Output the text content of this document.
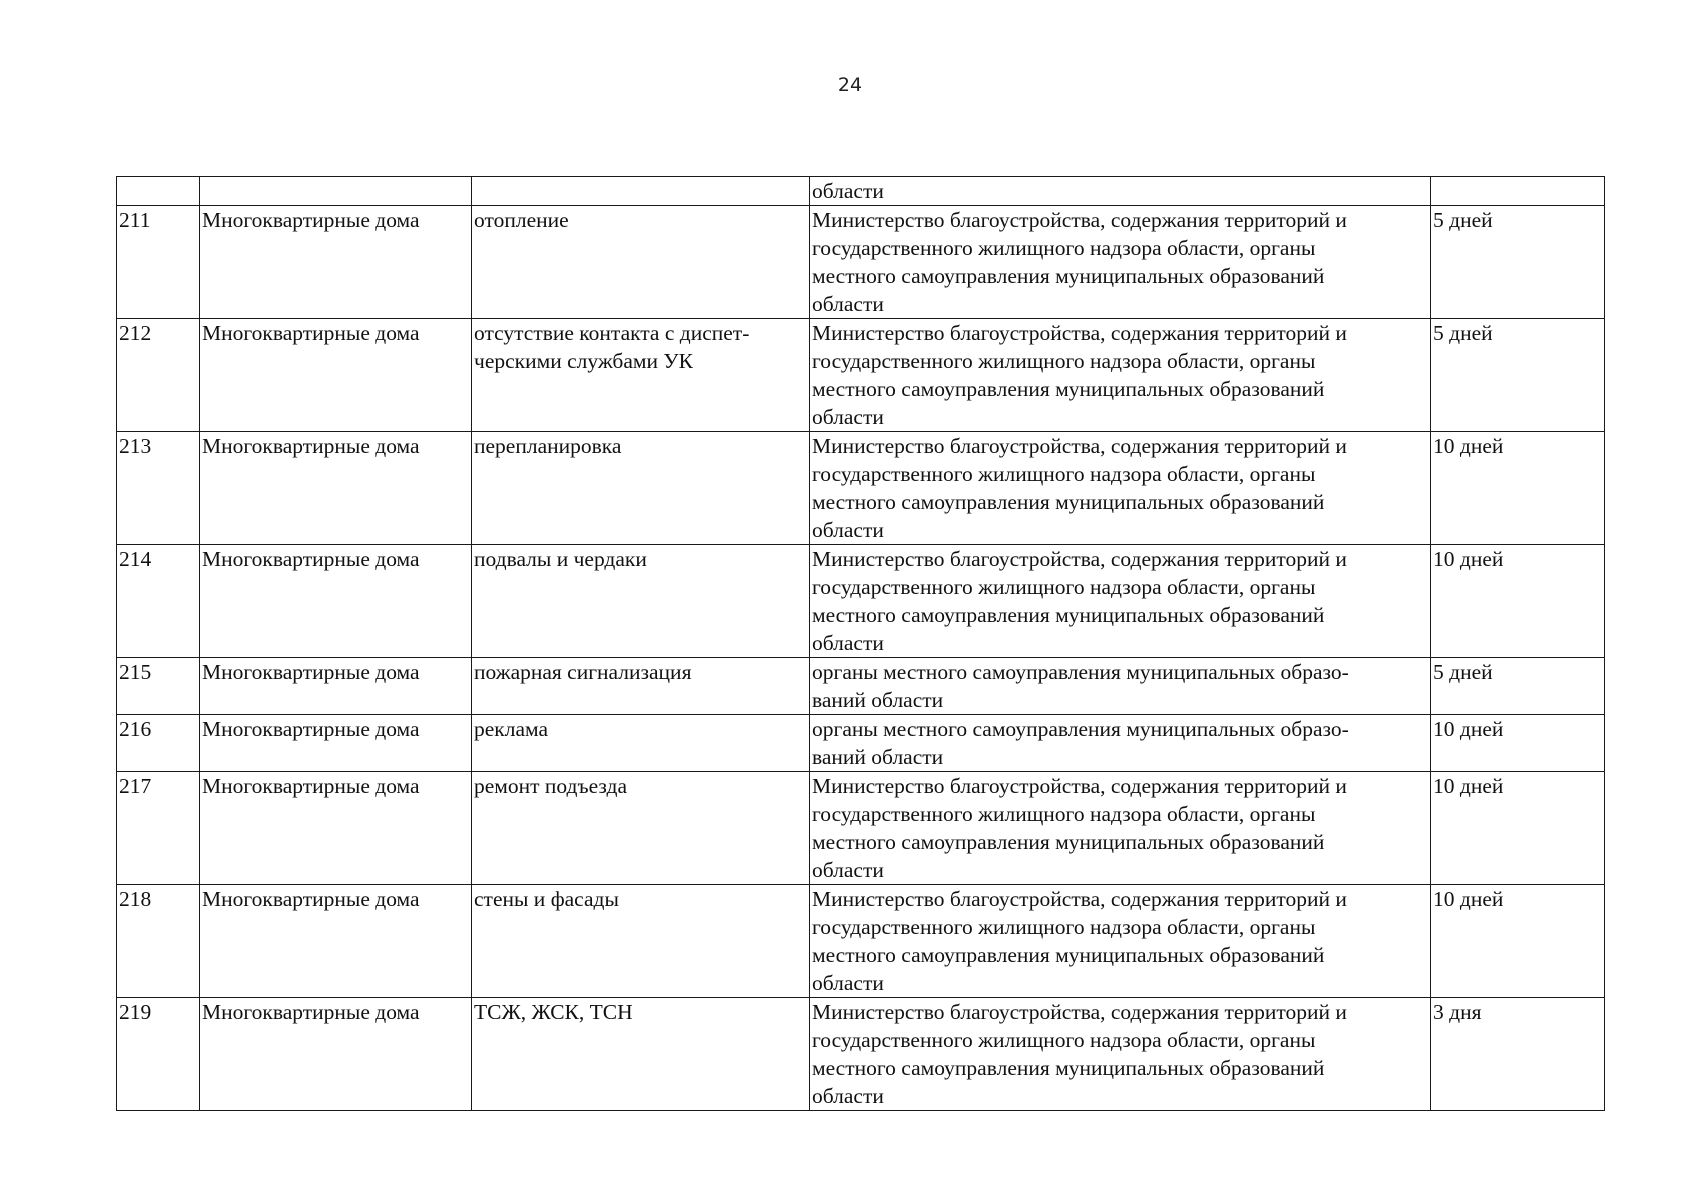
24
			области	
211	Многоквартирные дома	отопление	Министерство благоустройства, содержания территорий и
государственного жилищного надзора области, органы
местного самоуправления муниципальных образований
области	5 дней
212	Многоквартирные дома	отсутствие контакта с диспет-
черскими службами УК	Министерство благоустройства, содержания территорий и
государственного жилищного надзора области, органы
местного самоуправления муниципальных образований
области	5 дней
213	Многоквартирные дома	перепланировка	Министерство благоустройства, содержания территорий и
государственного жилищного надзора области, органы
местного самоуправления муниципальных образований
области	10 дней
214	Многоквартирные дома	подвалы и чердаки	Министерство благоустройства, содержания территорий и
государственного жилищного надзора области, органы
местного самоуправления муниципальных образований
области	10 дней
215	Многоквартирные дома	пожарная сигнализация	органы местного самоуправления муниципальных образо-
ваний области	5 дней
216	Многоквартирные дома	реклама	органы местного самоуправления муниципальных образо-
ваний области	10 дней
217	Многоквартирные дома	ремонт подъезда	Министерство благоустройства, содержания территорий и
государственного жилищного надзора области, органы
местного самоуправления муниципальных образований
области	10 дней
218	Многоквартирные дома	стены и фасады	Министерство благоустройства, содержания территорий и
государственного жилищного надзора области, органы
местного самоуправления муниципальных образований
области	10 дней
219	Многоквартирные дома	ТСЖ, ЖСК, ТСН	Министерство благоустройства, содержания территорий и
государственного жилищного надзора области, органы
местного самоуправления муниципальных образований
области	3 дня
